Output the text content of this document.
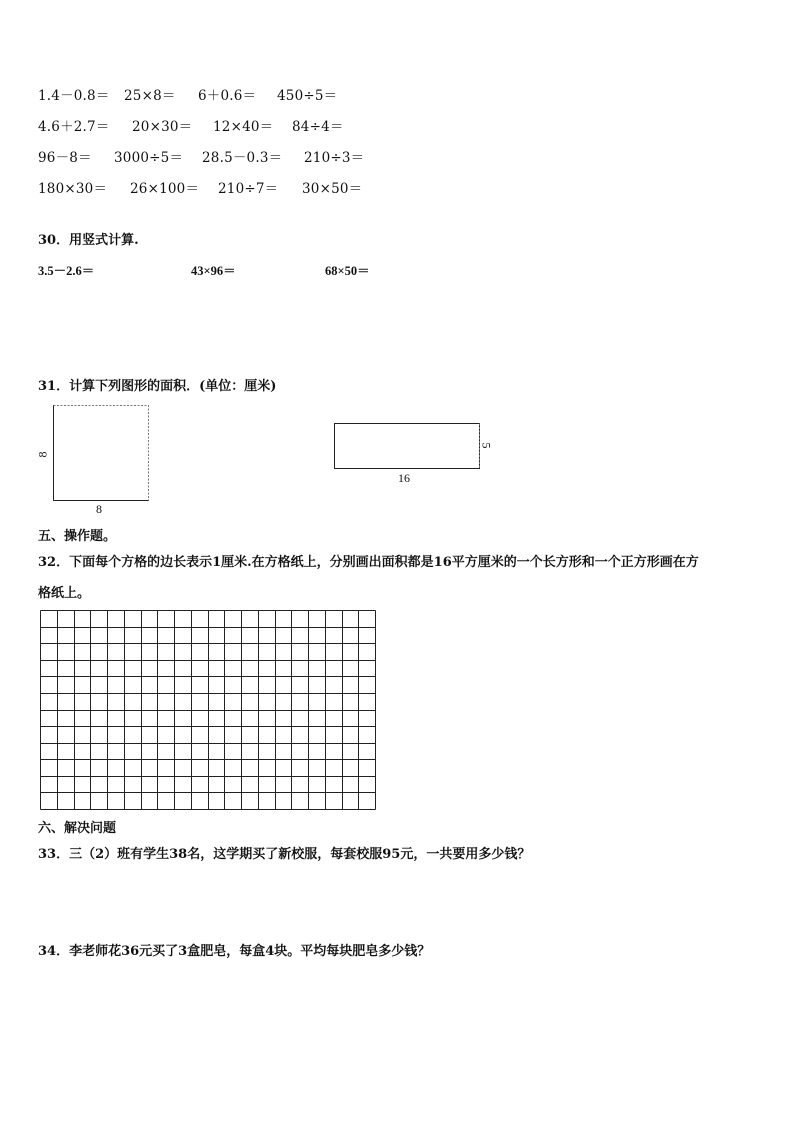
1.4－0.8＝ 25×8＝ 6＋0.6＝ 450÷5＝
4.6＋2.7＝ 20×30＝ 12×40＝ 84÷4＝
96－8＝ 3000÷5＝ 28.5－0.3＝ 210÷3＝
180×30＝ 26×100＝ 210÷7＝ 30×50＝
30．用竖式计算.
3.5－2.6＝	43×96＝	68×50＝
31．计算下列图形的面积．(单位：厘米)
8
8
5
16
五、操作题。
32．下面每个方格的边长表示1厘米.在方格纸上，分别画出面积都是16平方厘米的一个长方形和一个正方形画在方
格纸上。
六、解决问题
33．三（2）班有学生38名，这学期买了新校服，每套校服95元，一共要用多少钱？
34．李老师花36元买了3盒肥皂，每盒4块。平均每块肥皂多少钱？
